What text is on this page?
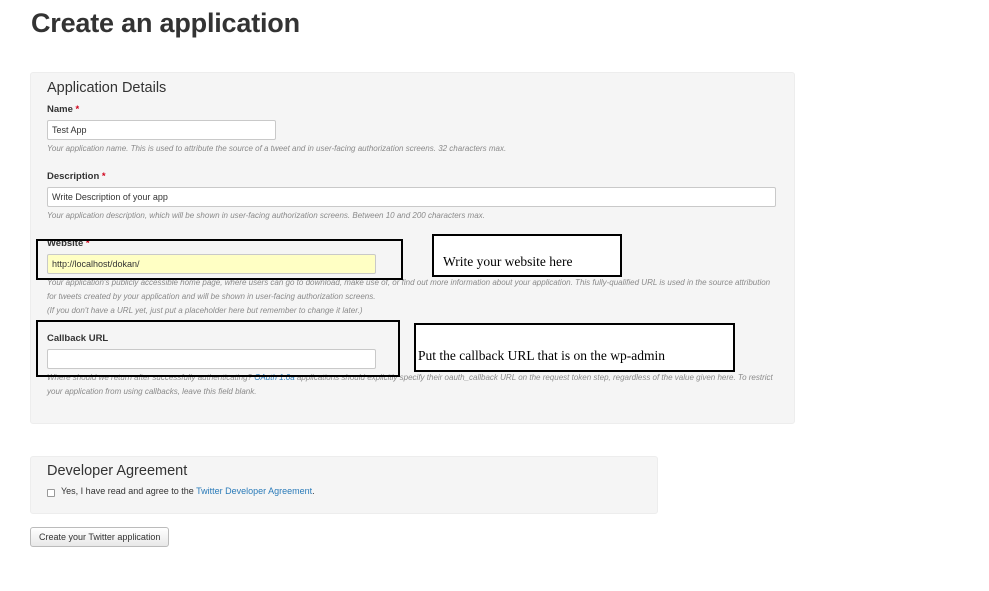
Create an application
Application Details
Name *
Test App
Your application name. This is used to attribute the source of a tweet and in user-facing authorization screens. 32 characters max.
Description *
Write Description of your app
Your application description, which will be shown in user-facing authorization screens. Between 10 and 200 characters max.
Website *
http://localhost/dokan/
Your application's publicly accessible home page, where users can go to download, make use of, or find out more information about your application. This fully-qualified URL is used in the source attribution
for tweets created by your application and will be shown in user-facing authorization screens.
(If you don't have a URL yet, just put a placeholder here but remember to change it later.)
Callback URL
Where should we return after successfully authenticating? OAuth 1.0a applications should explicitly specify their oauth_callback URL on the request token step, regardless of the value given here. To restrict
your application from using callbacks, leave this field blank.
Write your website here
Put the callback URL that is on the wp-admin
Developer Agreement
Yes, I have read and agree to the Twitter Developer Agreement.
Create your Twitter application
